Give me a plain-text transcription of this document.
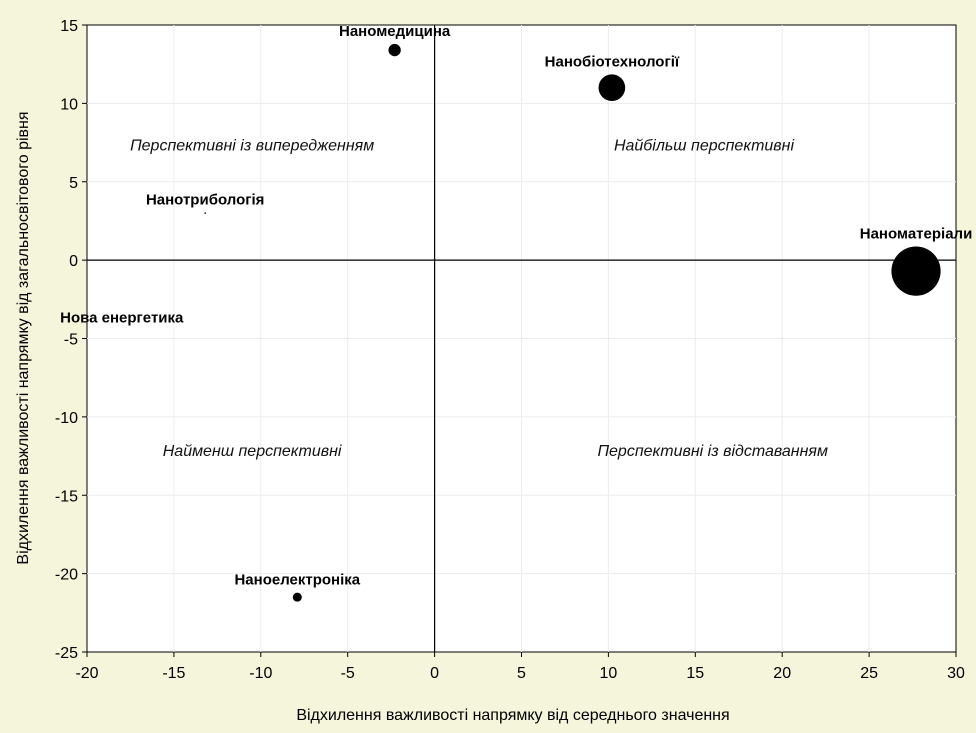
-20	-15	-10	-5	0	5	10	15	20	25	30
-25
-20
-15
-10
-5
0
5
10
15
Перспективні із випередженням	Найбільш перспективні
Найменш перспективні	Перспективні із відставанням
Наномедицина
Нанобіотехнології
Нанотрибологія
Наноматеріали
Нова енергетика
Наноелектроніка
Відхилення важливості напрямку від середнього значення
Відхилення важливості напрямку від загальносвітового рівня
